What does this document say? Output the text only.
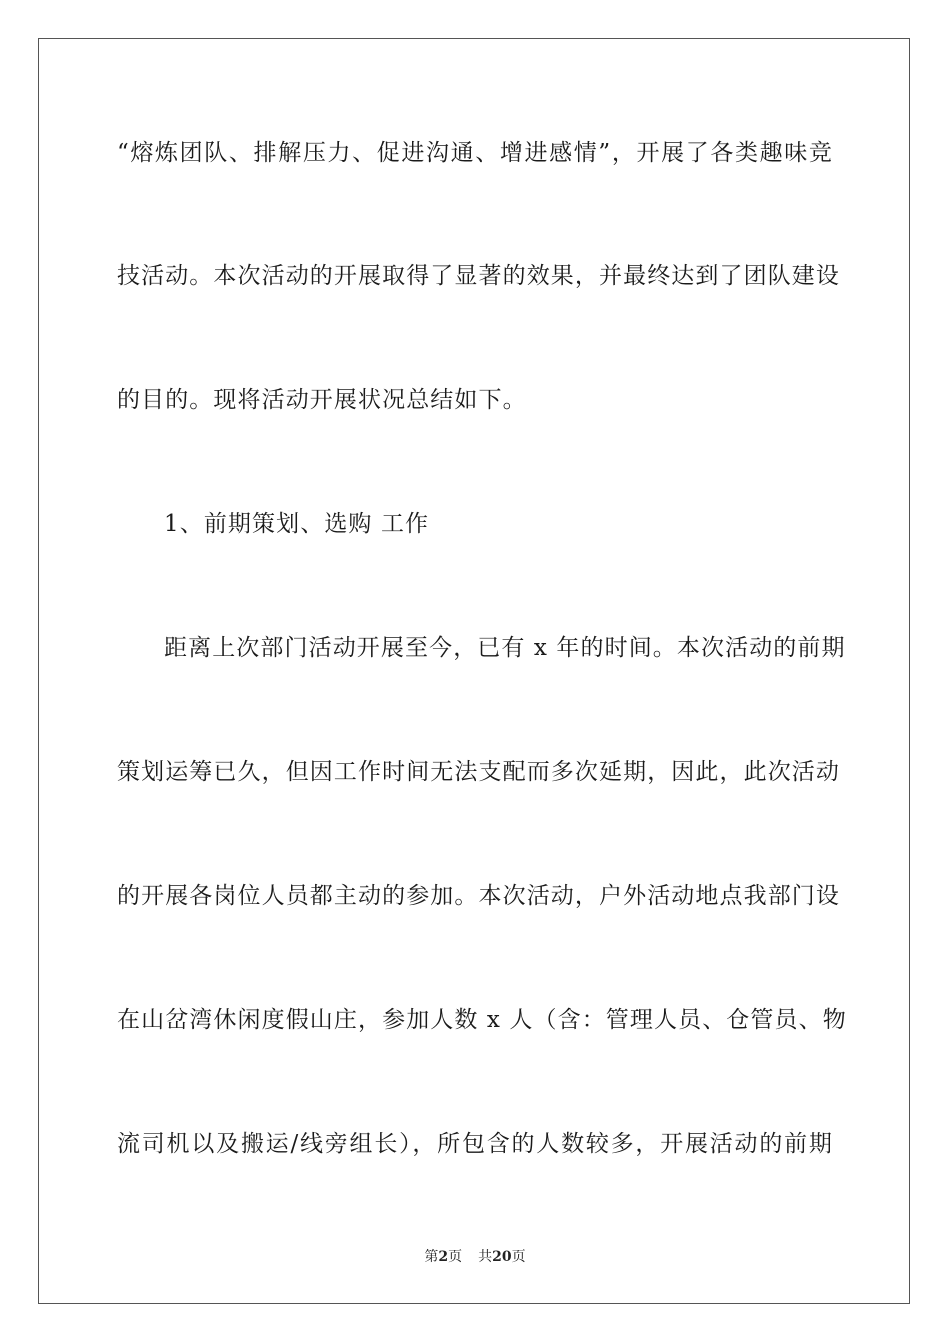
“熔炼团队、排解压力、促进沟通、增进感情”，开展了各类趣味竞
技活动。本次活动的开展取得了显著的效果，并最终达到了团队建设
的目的。现将活动开展状况总结如下。
1、前期策划、选购 工作
距离上次部门活动开展至今，已有 x 年的时间。本次活动的前期
策划运筹已久，但因工作时间无法支配而多次延期，因此，此次活动
的开展各岗位人员都主动的参加。本次活动，户外活动地点我部门设
在山岔湾休闲度假山庄，参加人数 x 人（含：管理人员、仓管员、物
流司机以及搬运/线旁组长），所包含的人数较多，开展活动的前期
第2页 共20页
